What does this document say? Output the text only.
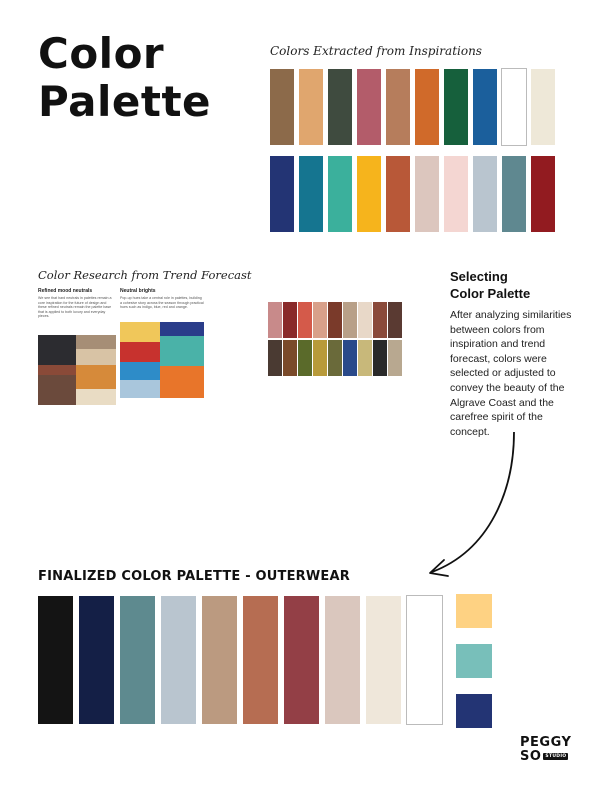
Color
Palette
Colors Extracted from Inspirations
Color Research from Trend Forecast
Refined mood neutrals
We see that hard neutrals in palettes remain a core inspiration for the future of design and these refined neutrals remain the palette base that is applied to both luxury and everyday pieces.
Neutral brights
Pop-up hues take a central role in palettes, building a cohesive story across the season through practical hues such as indigo, blue, red and orange.
Selecting
Color Palette
After analyzing similarities between colors from inspiration and trend forecast, colors were selected or adjusted to convey the beauty of the Algrave Coast and the carefree spirit of the concept.
FINALIZED COLOR PALETTE - OUTERWEAR
PEGGY
SO STUDIO
